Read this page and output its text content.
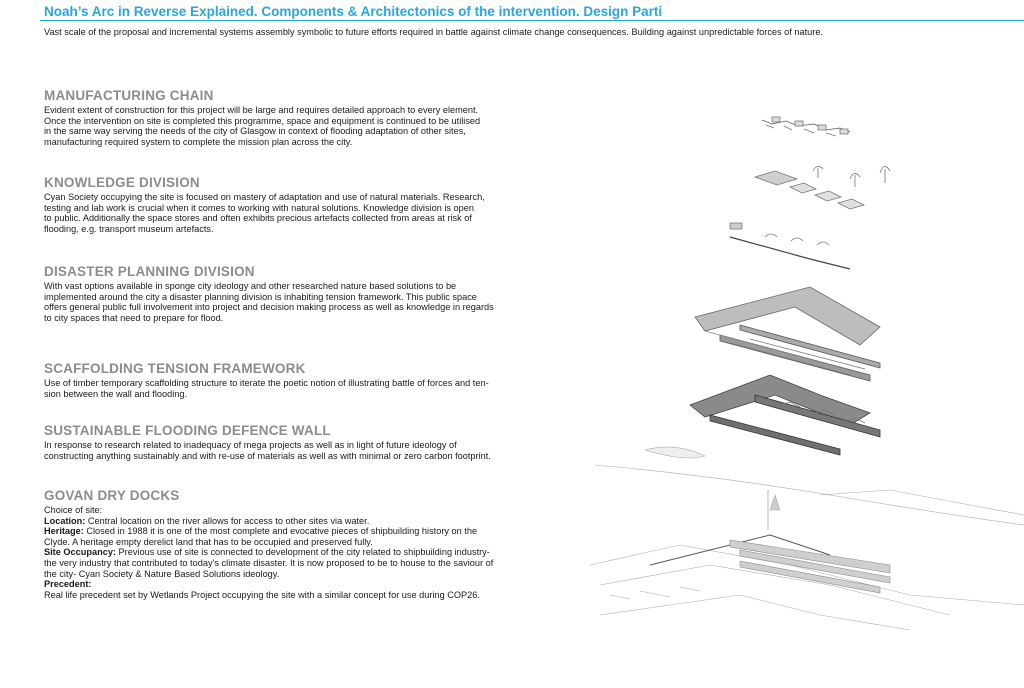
Noah’s Arc in Reverse Explained. Components & Architectonics of the intervention. Design Parti
Vast scale of the proposal and incremental systems assembly symbolic to future efforts required in battle against climate change consequences. Building against unpredictable forces of nature.
MANUFACTURING CHAIN

Evident extent of construction for this project will be large and requires detailed approach to every element.
Once the intervention on site is completed this programme, space and equipment is continued to be utilised
in the same way serving the needs of the city of Glasgow in context of flooding adaptation of other sites,
manufacturing required system to complete the mission plan across the city.

KNOWLEDGE DIVISION

Cyan Society occupying the site is focused on mastery of adaptation and use of natural materials. Research,
testing and lab work is crucial when it comes to working with natural solutions. Knowledge division is open
to public. Additionally the space stores and often exhibits precious artefacts collected from areas at risk of
flooding, e.g. transport museum artefacts.

DISASTER PLANNING DIVISION

With vast options available in sponge city ideology and other researched nature based solutions to be
implemented around the city a disaster planning division is inhabiting tension framework. This public space
offers general public full involvement into project and decision making process as well as knowledge in regards
to city spaces that need to prepare for flood.

SCAFFOLDING TENSION FRAMEWORK

Use of timber temporary scaffolding structure to iterate the poetic notion of illustrating battle of forces and ten-
sion between the wall and flooding.

SUSTAINABLE FLOODING DEFENCE WALL

In response to research related to inadequacy of mega projects as well as in light of future ideology of
constructing anything sustainably and with re-use of materials as well as with minimal or zero carbon footprint.

GOVAN DRY DOCKS

Choice of site:
Location: Central location on the river allows for access to other sites via water.
Heritage: Closed in 1988 it is one of the most complete and evocative pieces of shipbuilding history on the
Clyde. A heritage empty derelict land that has to be occupied and preserved fully.
Site Occupancy: Previous use of site is connected to development of the city related to shipbuilding industry-
the very industry that contributed to today’s climate disaster. It is now proposed to be to house to the saviour of
the city- Cyan Society & Nature Based Solutions ideology.
Precedent:
Real life precedent set by Wetlands Project occupying the site with a similar concept for use during COP26.
